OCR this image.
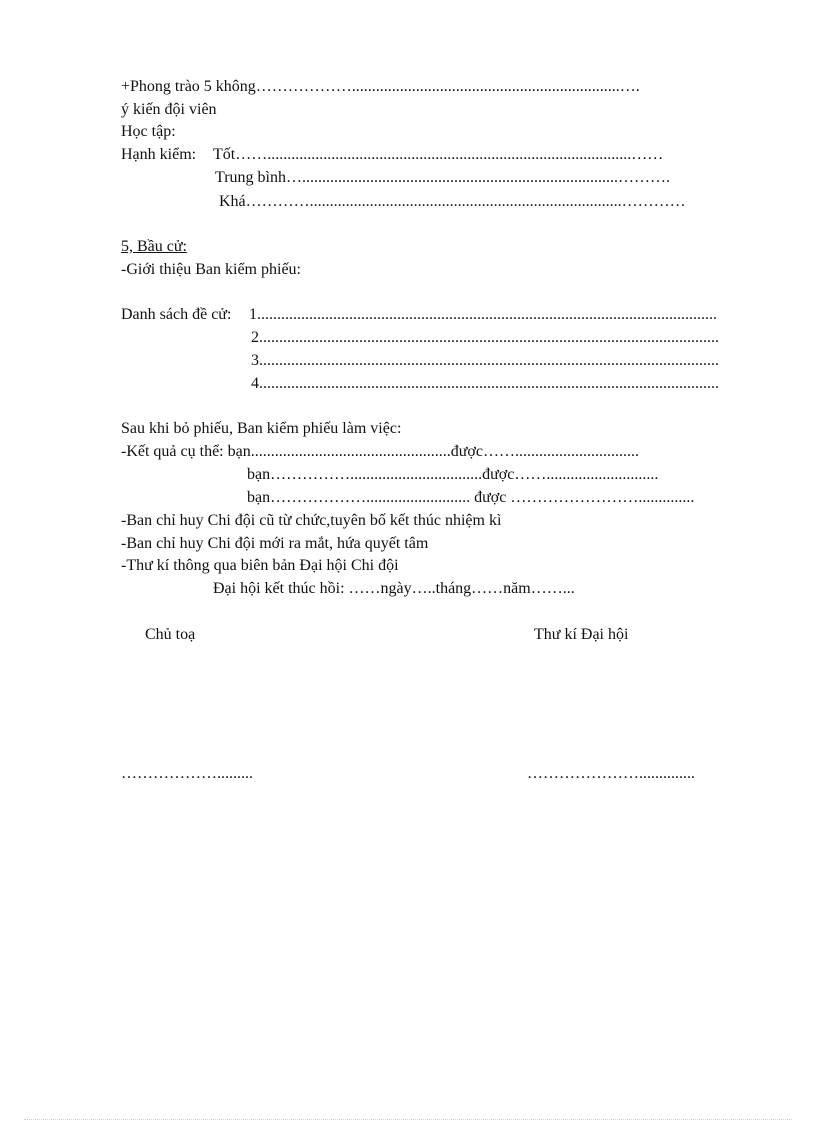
+Phong trào 5 không………………...................................................................….
ý kiến đội viên
Học tập:
Hạnh kiểm: Tốt……...........................................................................................……
Trung bình…...............................................................................……….
Khá…………..............................................................................…………
5, Bầu cử:
-Giới thiệu Ban kiểm phiếu:
Danh sách đề cử: 1...................................................................................................................
2...................................................................................................................
3...................................................................................................................
4...................................................................................................................
Sau khi bỏ phiếu, Ban kiểm phiếu làm việc:
-Kết quả cụ thể: bạn..................................................được……...............................
bạn…………….................................được……............................
bạn……………….......................... được ……………………..............
-Ban chỉ huy Chi đội cũ từ chức,tuyên bố kết thúc nhiệm kì
-Ban chỉ huy Chi đội mới ra mắt, hứa quyết tâm
-Thư kí thông qua biên bản Đại hội Chi đội
Đại hội kết thúc hồi: ……ngày…..tháng……năm……...
Chủ toạ	Thư kí Đại hội
……………….........	…………………..............
